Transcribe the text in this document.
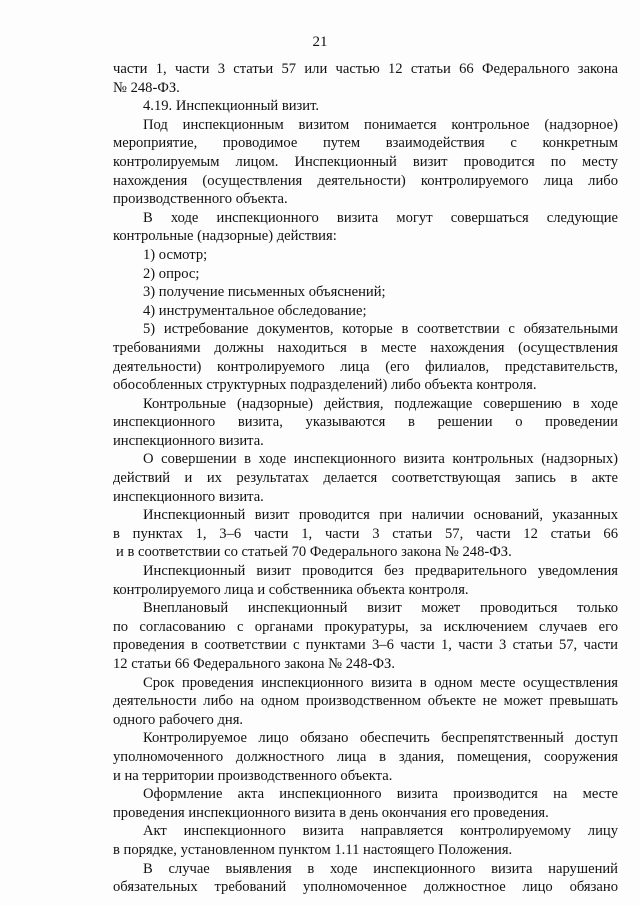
21
части 1, части 3 статьи 57 или частью 12 статьи 66 Федерального закона
№ 248-ФЗ.
4.19. Инспекционный визит.
Под инспекционным визитом понимается контрольное (надзорное)
мероприятие, проводимое путем взаимодействия с конкретным
контролируемым лицом. Инспекционный визит проводится по месту
нахождения (осуществления деятельности) контролируемого лица либо
производственного объекта.
В ходе инспекционного визита могут совершаться следующие
контрольные (надзорные) действия:
1) осмотр;
2) опрос;
3) получение письменных объяснений;
4) инструментальное обследование;
5) истребование документов, которые в соответствии с обязательными
требованиями должны находиться в месте нахождения (осуществления
деятельности) контролируемого лица (его филиалов, представительств,
обособленных структурных подразделений) либо объекта контроля.
Контрольные (надзорные) действия, подлежащие совершению в ходе
инспекционного визита, указываются в решении о проведении
инспекционного визита.
О совершении в ходе инспекционного визита контрольных (надзорных)
действий и их результатах делается соответствующая запись в акте
инспекционного визита.
Инспекционный визит проводится при наличии оснований, указанных
в пунктах 1, 3–6 части 1, части 3 статьи 57, части 12 статьи 66
и в соответствии со статьей 70 Федерального закона № 248-ФЗ.
Инспекционный визит проводится без предварительного уведомления
контролируемого лица и собственника объекта контроля.
Внеплановый инспекционный визит может проводиться только
по согласованию с органами прокуратуры, за исключением случаев его
проведения в соответствии с пунктами 3–6 части 1, части 3 статьи 57, части
12 статьи 66 Федерального закона № 248-ФЗ.
Срок проведения инспекционного визита в одном месте осуществления
деятельности либо на одном производственном объекте не может превышать
одного рабочего дня.
Контролируемое лицо обязано обеспечить беспрепятственный доступ
уполномоченного должностного лица в здания, помещения, сооружения
и на территории производственного объекта.
Оформление акта инспекционного визита производится на месте
проведения инспекционного визита в день окончания его проведения.
Акт инспекционного визита направляется контролируемому лицу
в порядке, установленном пунктом 1.11 настоящего Положения.
В случае выявления в ходе инспекционного визита нарушений
обязательных требований уполномоченное должностное лицо обязано
